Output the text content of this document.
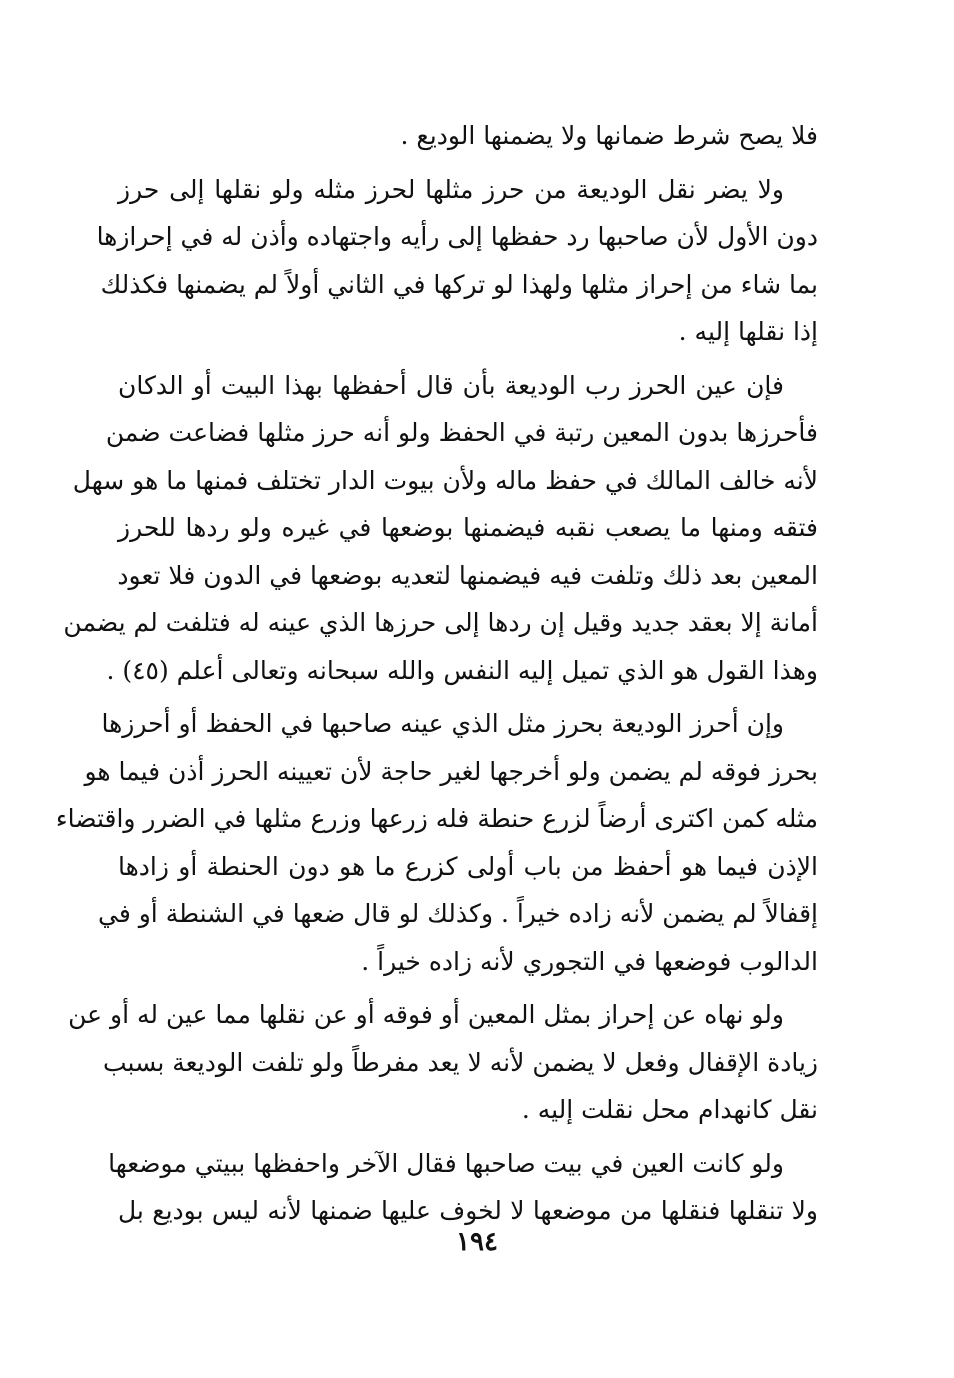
فلا يصح شرط ضمانها ولا يضمنها الوديع .
ولا يضر نقل الوديعة من حرز مثلها لحرز مثله ولو نقلها إلى حرز
دون الأول لأن صاحبها رد حفظها إلى رأيه واجتهاده وأذن له في إحرازها
بما شاء من إحراز مثلها ولهذا لو تركها في الثاني أولاً لم يضمنها فكذلك
إذا نقلها إليه .
فإن عين الحرز رب الوديعة بأن قال أحفظها بهذا البيت أو الدكان
فأحرزها بدون المعين رتبة في الحفظ ولو أنه حرز مثلها فضاعت ضمن
لأنه خالف المالك في حفظ ماله ولأن بيوت الدار تختلف فمنها ما هو سهل
فتقه ومنها ما يصعب نقبه فيضمنها بوضعها في غيره ولو ردها للحرز
المعين بعد ذلك وتلفت فيه فيضمنها لتعديه بوضعها في الدون فلا تعود
أمانة إلا بعقد جديد وقيل إن ردها إلى حرزها الذي عينه له فتلفت لم يضمن
وهذا القول هو الذي تميل إليه النفس والله سبحانه وتعالى أعلم (٤٥) .
وإن أحرز الوديعة بحرز مثل الذي عينه صاحبها في الحفظ أو أحرزها
بحرز فوقه لم يضمن ولو أخرجها لغير حاجة لأن تعيينه الحرز أذن فيما هو
مثله كمن اكترى أرضاً لزرع حنطة فله زرعها وزرع مثلها في الضرر واقتضاء
الإذن فيما هو أحفظ من باب أولى كزرع ما هو دون الحنطة أو زادها
إقفالاً لم يضمن لأنه زاده خيراً . وكذلك لو قال ضعها في الشنطة أو في
الدالوب فوضعها في التجوري لأنه زاده خيراً .
ولو نهاه عن إحراز بمثل المعين أو فوقه أو عن نقلها مما عين له أو عن
زيادة الإقفال وفعل لا يضمن لأنه لا يعد مفرطاً ولو تلفت الوديعة بسبب
نقل كانهدام محل نقلت إليه .
ولو كانت العين في بيت صاحبها فقال الآخر واحفظها ببيتي موضعها
ولا تنقلها فنقلها من موضعها لا لخوف عليها ضمنها لأنه ليس بوديع بل
١٩٤
